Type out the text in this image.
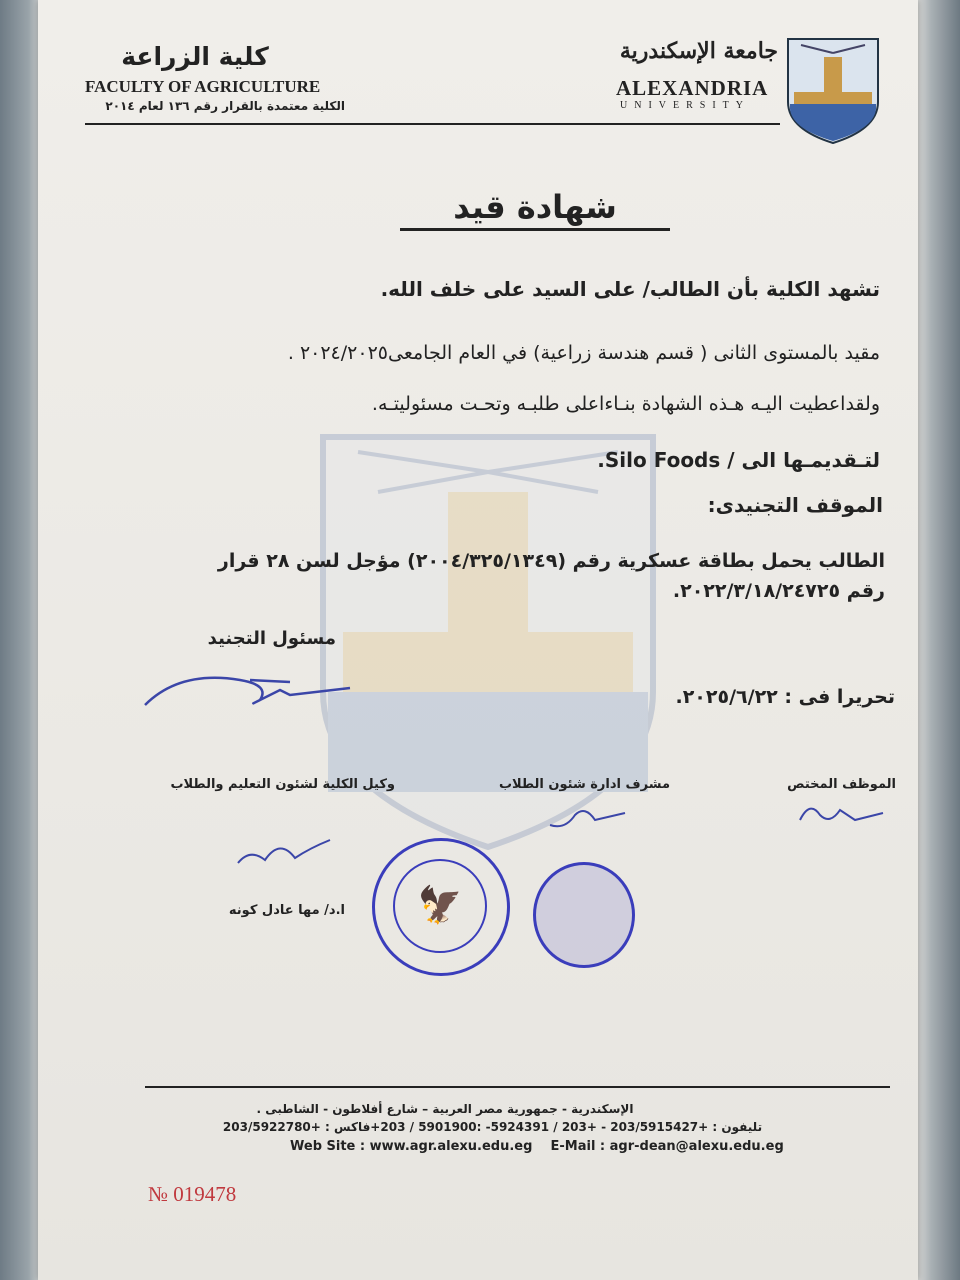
كلية الزراعة
FACULTY OF AGRICULTURE
الكلية معتمدة بالقرار رقم ١٣٦ لعام ٢٠١٤
جامعة الإسكندرية
ALEXANDRIA
UNIVERSITY
شهادة قيد
تشهد الكلية بأن الطالب/ على السيد على خلف الله.
مقيد بالمستوى الثانى ( قسم هندسة زراعية) في العام الجامعى٢٠٢٤/٢٠٢٥ .
ولقداعطيت اليـه هـذه الشهادة بنـاءاعلى طلبـه وتحـت مسئوليتـه.
لتـقديمـها الى / Silo Foods.
الموقف التجنيدى:
الطالب يحمل بطاقة عسكرية رقم (٢٠٠٤/٣٢٥/١٣٤٩) مؤجل لسن ٢٨ قرار
رقم ٢٠٢٢/٣/١٨/٢٤٧٢٥.
مسئول التجنيد
تحريرا فى : ٢٠٢٥/٦/٢٢.
الموظف المختص
مشرف ادارة شئون الطلاب
وكيل الكلية لشئون التعليم والطلاب
ا.د/ مها عادل كونه	🦅
الإسكندرية - جمهورية مصر العربية – شارع أفلاطون - الشاطبى .
تليفون : +203/5915427 - +203 / 5924391- :5901900 / 203+فاكس : +203/5922780
Web Site : www.agr.alexu.edu.eg    E-Mail : agr-dean@alexu.edu.eg
№ 019478
